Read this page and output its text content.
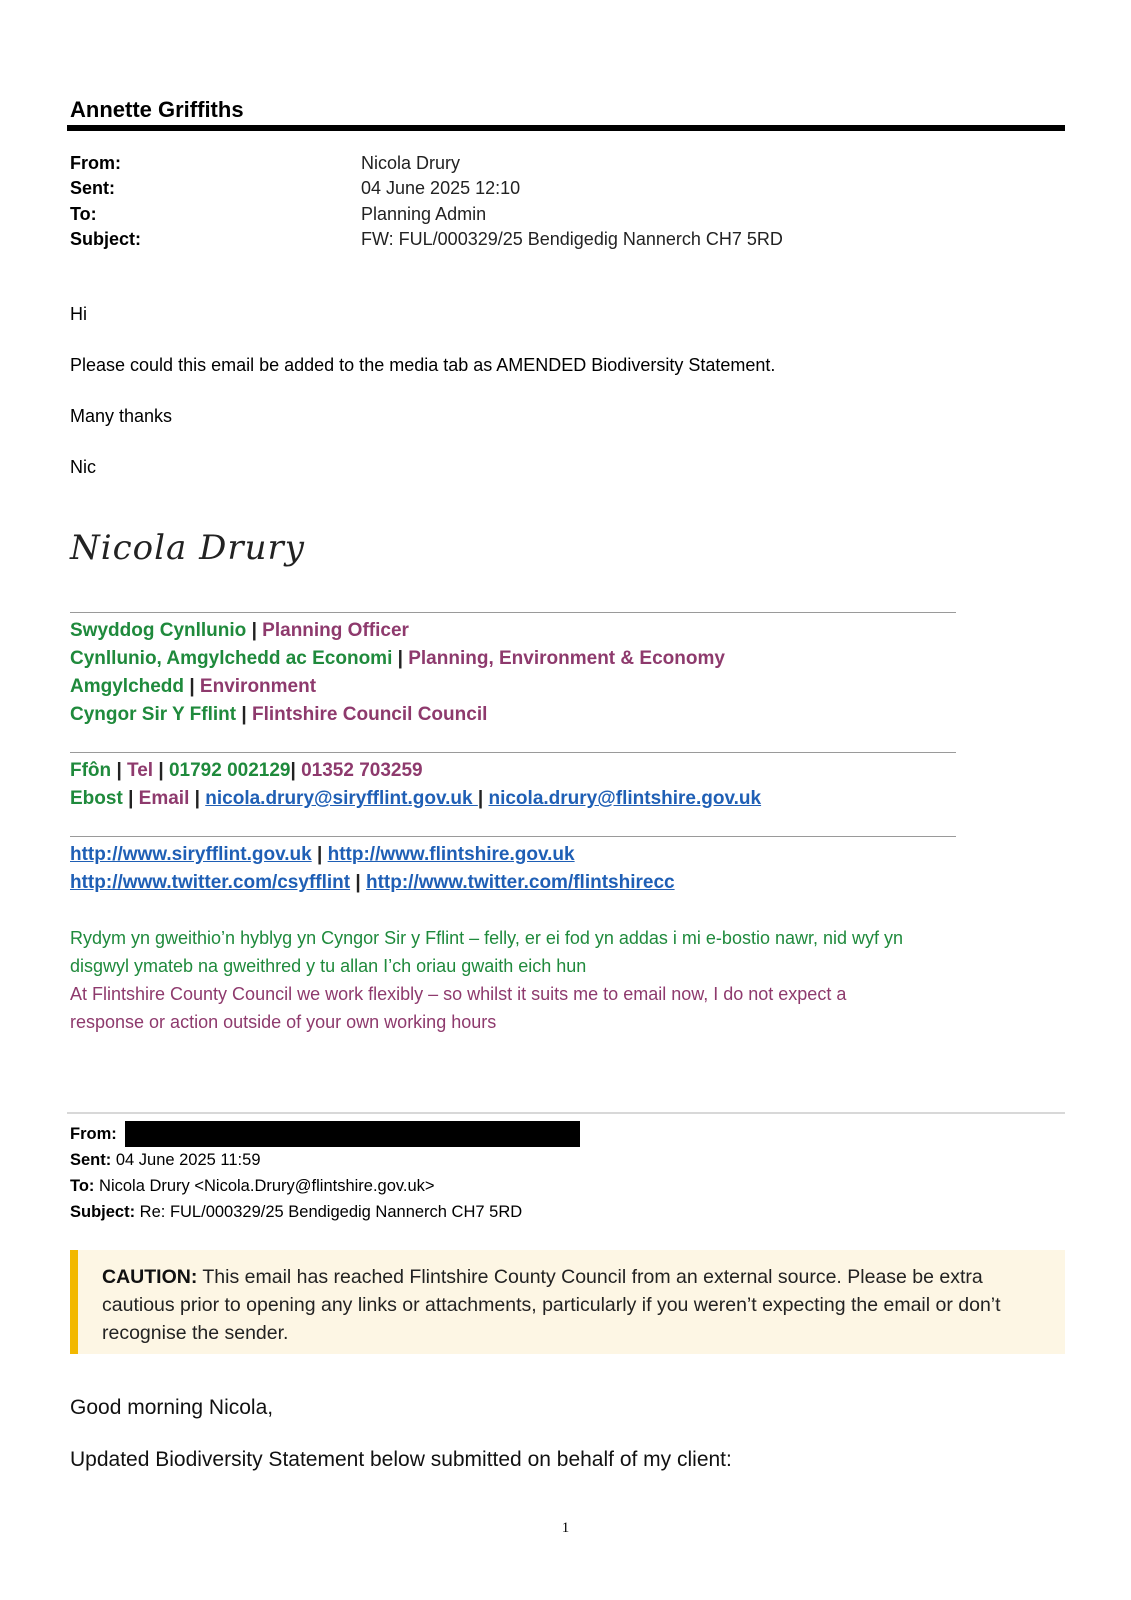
Annette Griffiths
From:	Nicola Drury
Sent:	04 June 2025 12:10
To:	Planning Admin
Subject:	FW: FUL/000329/25 Bendigedig Nannerch CH7 5RD
Hi
Please could this email be added to the media tab as AMENDED Biodiversity Statement.
Many thanks
Nic
Nicola Drury
Swyddog Cynllunio | Planning Officer
Cynllunio, Amgylchedd ac Economi | Planning, Environment & Economy
Amgylchedd | Environment
Cyngor Sir Y Fflint | Flintshire Council Council
Ffôn | Tel | 01792 002129| 01352 703259
Ebost | Email | nicola.drury@siryfflint.gov.uk | nicola.drury@flintshire.gov.uk
http://www.siryfflint.gov.uk | http://www.flintshire.gov.uk
http://www.twitter.com/csyfflint | http://www.twitter.com/flintshirecc
Rydym yn gweithio’n hyblyg yn Cyngor Sir y Fflint – felly, er ei fod yn addas i mi e-bostio nawr, nid wyf yn
disgwyl ymateb na gweithred y tu allan I’ch oriau gwaith eich hun
At Flintshire County Council we work flexibly – so whilst it suits me to email now, I do not expect a
response or action outside of your own working hours
From:
Sent: 04 June 2025 11:59
To: Nicola Drury <Nicola.Drury@flintshire.gov.uk>
Subject: Re: FUL/000329/25 Bendigedig Nannerch CH7 5RD
CAUTION: This email has reached Flintshire County Council from an external source. Please be extra cautious prior to opening any links or attachments, particularly if you weren’t expecting the email or don’t recognise the sender.
Good morning Nicola,
Updated Biodiversity Statement below submitted on behalf of my client:
1
